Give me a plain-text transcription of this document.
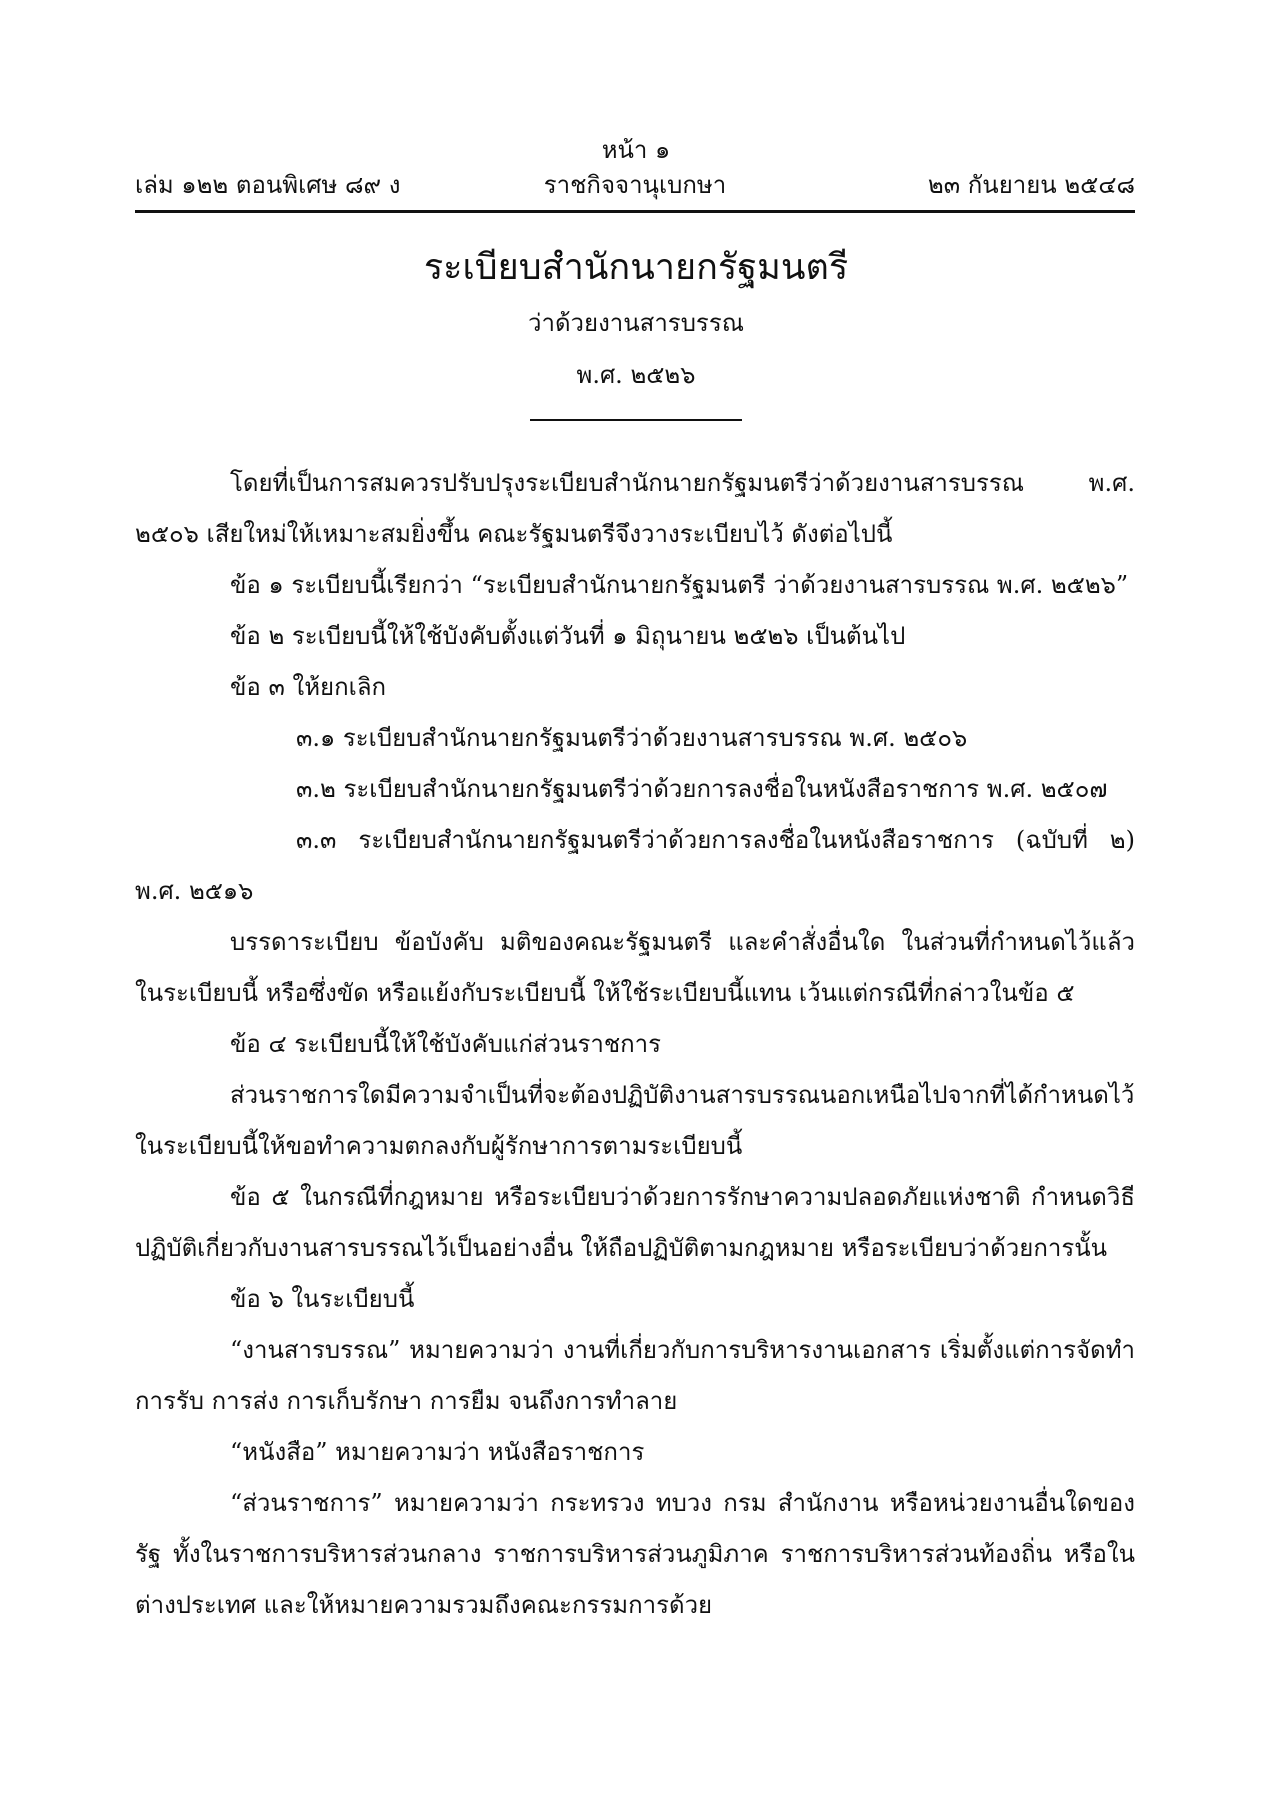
หน้า ๑
เล่ม ๑๒๒ ตอนพิเศษ ๘๙ ง	ราชกิจจานุเบกษา	๒๓ กันยายน ๒๕๔๘
ระเบียบสำนักนายกรัฐมนตรี
ว่าด้วยงานสารบรรณ
พ.ศ. ๒๕๒๖

โดยที่เป็นการสมควรปรับปรุงระเบียบสำนักนายกรัฐมนตรีว่าด้วยงานสารบรรณ พ.ศ. ๒๕๐๖ เสียใหม่ให้เหมาะสมยิ่งขึ้น คณะรัฐมนตรีจึงวางระเบียบไว้ ดังต่อไปนี้

ข้อ ๑ ระเบียบนี้เรียกว่า “ระเบียบสำนักนายกรัฐมนตรี ว่าด้วยงานสารบรรณ พ.ศ. ๒๕๒๖”

ข้อ ๒ ระเบียบนี้ให้ใช้บังคับตั้งแต่วันที่ ๑ มิถุนายน ๒๕๒๖ เป็นต้นไป

ข้อ ๓ ให้ยกเลิก

๓.๑ ระเบียบสำนักนายกรัฐมนตรีว่าด้วยงานสารบรรณ พ.ศ. ๒๕๐๖

๓.๒ ระเบียบสำนักนายกรัฐมนตรีว่าด้วยการลงชื่อในหนังสือราชการ พ.ศ. ๒๕๐๗

๓.๓ ระเบียบสำนักนายกรัฐมนตรีว่าด้วยการลงชื่อในหนังสือราชการ (ฉบับที่ ๒) พ.ศ. ๒๕๑๖

บรรดาระเบียบ ข้อบังคับ มติของคณะรัฐมนตรี และคำสั่งอื่นใด ในส่วนที่กำหนดไว้แล้ว ในระเบียบนี้ หรือซึ่งขัด หรือแย้งกับระเบียบนี้ ให้ใช้ระเบียบนี้แทน เว้นแต่กรณีที่กล่าวในข้อ ๕

ข้อ ๔ ระเบียบนี้ให้ใช้บังคับแก่ส่วนราชการ

ส่วนราชการใดมีความจำเป็นที่จะต้องปฏิบัติงานสารบรรณนอกเหนือไปจากที่ได้กำหนดไว้ ในระเบียบนี้ให้ขอทำความตกลงกับผู้รักษาการตามระเบียบนี้

ข้อ ๕ ในกรณีที่กฎหมาย หรือระเบียบว่าด้วยการรักษาความปลอดภัยแห่งชาติ กำหนดวิธี ปฏิบัติเกี่ยวกับงานสารบรรณไว้เป็นอย่างอื่น ให้ถือปฏิบัติตามกฎหมาย หรือระเบียบว่าด้วยการนั้น

ข้อ ๖ ในระเบียบนี้

“งานสารบรรณ” หมายความว่า งานที่เกี่ยวกับการบริหารงานเอกสาร เริ่มตั้งแต่การจัดทำ การรับ การส่ง การเก็บรักษา การยืม จนถึงการทำลาย

“หนังสือ” หมายความว่า หนังสือราชการ

“ส่วนราชการ” หมายความว่า กระทรวง ทบวง กรม สำนักงาน หรือหน่วยงานอื่นใดของรัฐ ทั้งในราชการบริหารส่วนกลาง ราชการบริหารส่วนภูมิภาค ราชการบริหารส่วนท้องถิ่น หรือในต่างประเทศ และให้หมายความรวมถึงคณะกรรมการด้วย
